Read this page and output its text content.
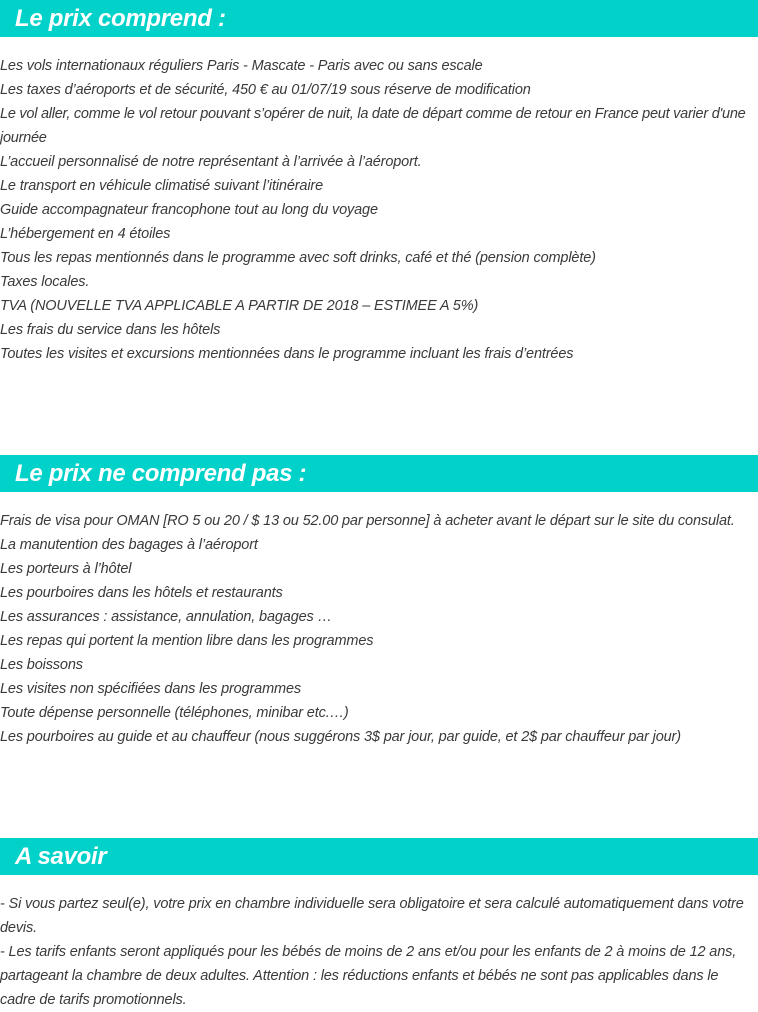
Le prix comprend :
Les vols internationaux réguliers Paris - Mascate - Paris avec ou sans escale
Les taxes d’aéroports et de sécurité, 450 € au 01/07/19 sous réserve de modification
Le vol aller, comme le vol retour pouvant s’opérer de nuit, la date de départ comme de retour en France peut varier d'une journée
L’accueil personnalisé de notre représentant à l’arrivée à l’aéroport.
Le transport en véhicule climatisé suivant l’itinéraire
Guide accompagnateur francophone tout au long du voyage
L’hébergement en 4 étoiles
Tous les repas mentionnés dans le programme avec soft drinks, café et thé (pension complète)
Taxes locales.
TVA (NOUVELLE TVA APPLICABLE A PARTIR DE 2018 – ESTIMEE A 5%)
Les frais du service dans les hôtels
Toutes les visites et excursions mentionnées dans le programme incluant les frais d’entrées
Le prix ne comprend pas :
Frais de visa pour OMAN [RO 5 ou 20 / $ 13 ou 52.00 par personne] à acheter avant le départ sur le site du consulat.
La manutention des bagages à l’aéroport
Les porteurs à l’hôtel
Les pourboires dans les hôtels et restaurants
Les assurances : assistance, annulation, bagages …
Les repas qui portent la mention libre dans les programmes
Les boissons
Les visites non spécifiées dans les programmes
Toute dépense personnelle (téléphones, minibar etc.…)
Les pourboires au guide et au chauffeur (nous suggérons 3$ par jour, par guide, et 2$ par chauffeur par jour)
A savoir

- Si vous partez seul(e), votre prix en chambre individuelle sera obligatoire et sera calculé automatiquement dans votre devis.

- Les tarifs enfants seront appliqués pour les bébés de moins de 2 ans et/ou pour les enfants de 2 à moins de 12 ans, partageant la chambre de deux adultes. Attention : les réductions enfants et bébés ne sont pas applicables dans le cadre de tarifs promotionnels.
